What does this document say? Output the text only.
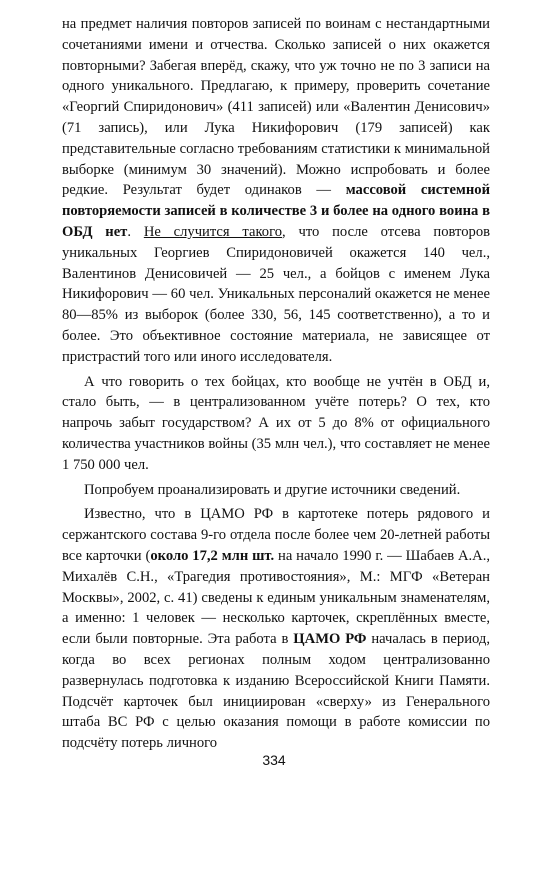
на предмет наличия повторов записей по воинам с нестандартными сочетаниями имени и отчества. Сколько записей о них окажется повторными? Забегая вперёд, скажу, что уж точно не по 3 записи на одного уникального. Предлагаю, к примеру, проверить сочетание «Георгий Спиридонович» (411 записей) или «Валентин Денисович» (71 запись), или Лука Никифорович (179 записей) как представительные согласно требованиям статистики к минимальной выборке (минимум 30 значений). Можно испробовать и более редкие. Результат будет одинаков — массовой системной повторяемости записей в количестве 3 и более на одного воина в ОБД нет. Не случится такого, что после отсева повторов уникальных Георгиев Спиридоновичей окажется 140 чел., Валентинов Денисовичей — 25 чел., а бойцов с именем Лука Никифорович — 60 чел. Уникальных персоналий окажется не менее 80—85% из выборок (более 330, 56, 145 соответственно), а то и более. Это объективное состояние материала, не зависящее от пристрастий того или иного исследователя.

А что говорить о тех бойцах, кто вообще не учтён в ОБД и, стало быть, — в централизованном учёте потерь? О тех, кто напрочь забыт государством? А их от 5 до 8% от официального количества участников войны (35 млн чел.), что составляет не менее 1 750 000 чел.

Попробуем проанализировать и другие источники сведений.

Известно, что в ЦАМО РФ в картотеке потерь рядового и сержантского состава 9-го отдела после более чем 20-летней работы все карточки (около 17,2 млн шт. на начало 1990 г. — Шабаев А.А., Михалёв С.Н., «Трагедия противостояния», М.: МГФ «Ветеран Москвы», 2002, с. 41) сведены к единым уникальным знаменателям, а именно: 1 человек — несколько карточек, скреплённых вместе, если были повторные. Эта работа в ЦАМО РФ началась в период, когда во всех регионах полным ходом централизованно развернулась подготовка к изданию Всероссийской Книги Памяти. Подсчёт карточек был инициирован «сверху» из Генерального штаба ВС РФ с целью оказания помощи в работе комиссии по подсчёту потерь личного

334
